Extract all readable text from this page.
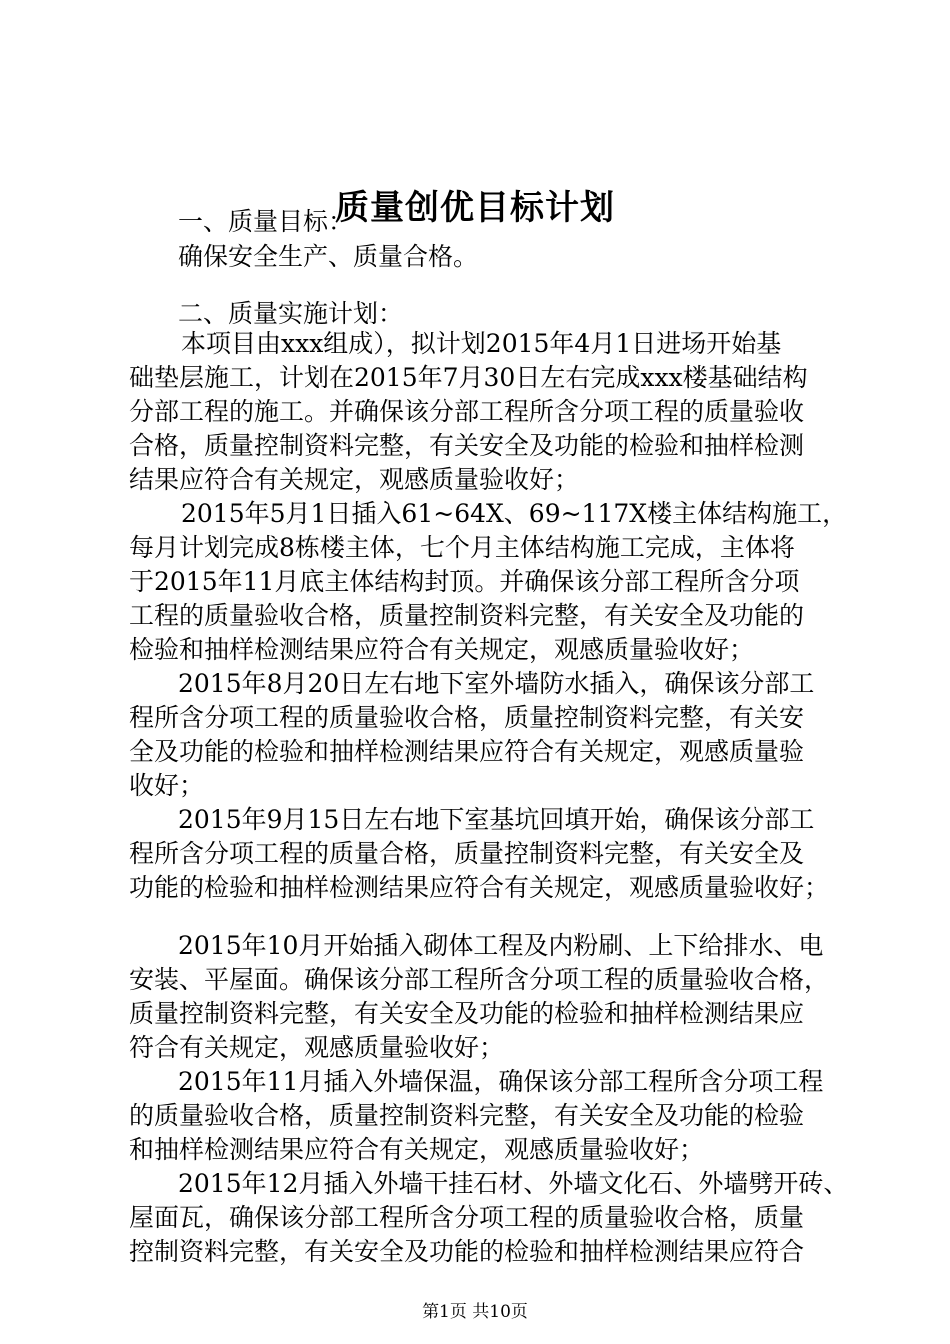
质量创优目标计划

一、质量目标：

确保安全生产、质量合格。

二、质量实施计划：

本项目由xxx组成），拟计划2015年4月1日进场开始基

础垫层施工，计划在2015年7月30日左右完成xxx楼基础结构

分部工程的施工。并确保该分部工程所含分项工程的质量验收

合格，质量控制资料完整，有关安全及功能的检验和抽样检测

结果应符合有关规定，观感质量验收好；

2015年5月1日插入61~64X、69~117X楼主体结构施工，

每月计划完成8栋楼主体，七个月主体结构施工完成，主体将

于2015年11月底主体结构封顶。并确保该分部工程所含分项

工程的质量验收合格，质量控制资料完整，有关安全及功能的

检验和抽样检测结果应符合有关规定，观感质量验收好；

2015年8月20日左右地下室外墙防水插入，确保该分部工

程所含分项工程的质量验收合格，质量控制资料完整，有关安

全及功能的检验和抽样检测结果应符合有关规定，观感质量验

收好；

2015年9月15日左右地下室基坑回填开始，确保该分部工

程所含分项工程的质量合格，质量控制资料完整，有关安全及

功能的检验和抽样检测结果应符合有关规定，观感质量验收好；

2015年10月开始插入砌体工程及内粉刷、上下给排水、电

安装、平屋面。确保该分部工程所含分项工程的质量验收合格，

质量控制资料完整，有关安全及功能的检验和抽样检测结果应

符合有关规定，观感质量验收好；

2015年11月插入外墙保温，确保该分部工程所含分项工程

的质量验收合格，质量控制资料完整，有关安全及功能的检验

和抽样检测结果应符合有关规定，观感质量验收好；

2015年12月插入外墙干挂石材、外墙文化石、外墙劈开砖、

屋面瓦，确保该分部工程所含分项工程的质量验收合格，质量

控制资料完整，有关安全及功能的检验和抽样检测结果应符合

第1页 共10页
